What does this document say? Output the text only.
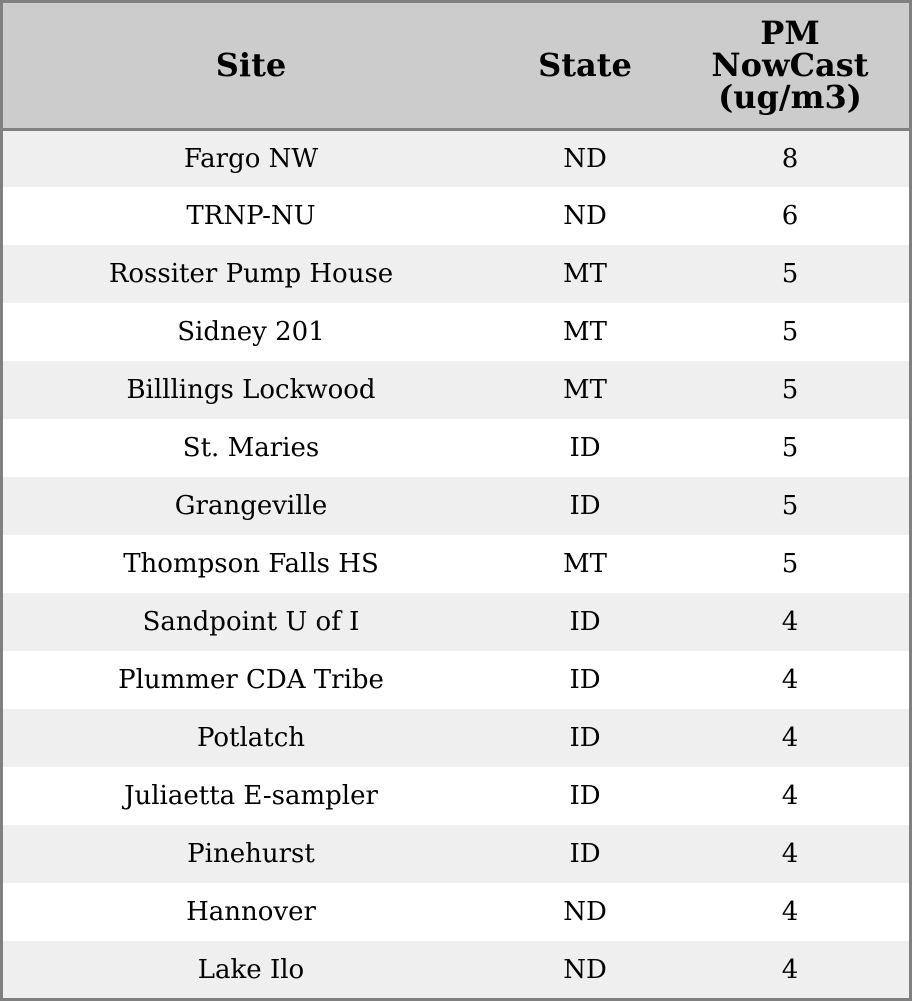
Site	State	PM NowCast (ug/m3)
Fargo NW	ND	8
TRNP-NU	ND	6
Rossiter Pump House	MT	5
Sidney 201	MT	5
Billlings Lockwood	MT	5
St. Maries	ID	5
Grangeville	ID	5
Thompson Falls HS	MT	5
Sandpoint U of I	ID	4
Plummer CDA Tribe	ID	4
Potlatch	ID	4
Juliaetta E-sampler	ID	4
Pinehurst	ID	4
Hannover	ND	4
Lake Ilo	ND	4
